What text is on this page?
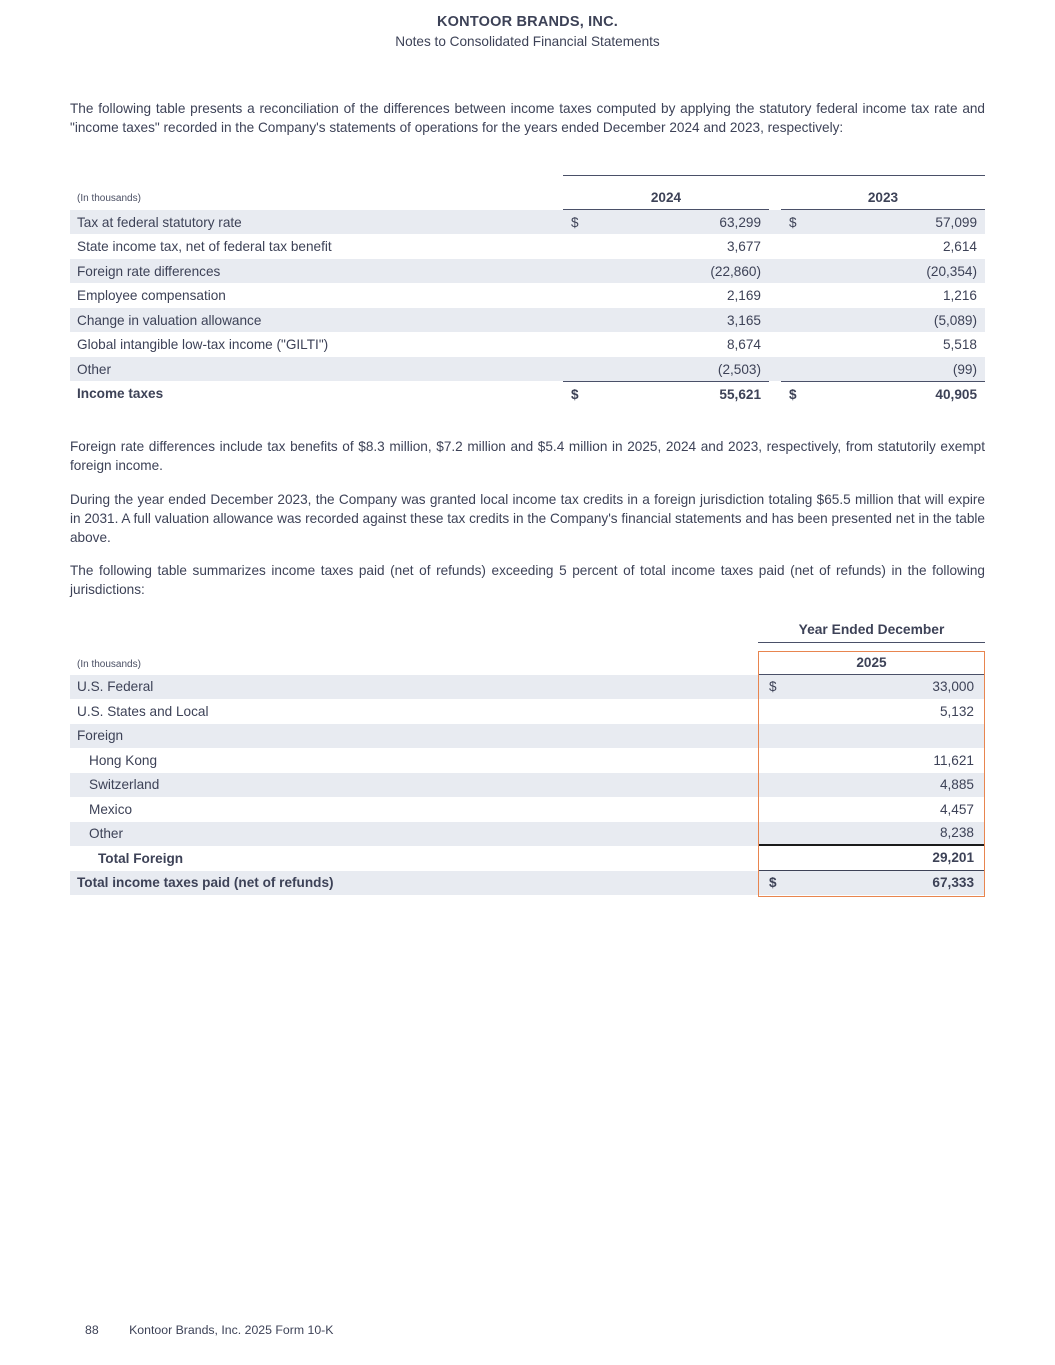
KONTOOR BRANDS, INC.
Notes to Consolidated Financial Statements

The following table presents a reconciliation of the differences between income taxes computed by applying the statutory federal income tax rate and "income taxes" recorded in the Company's statements of operations for the years ended December 2024 and 2023, respectively:

(In thousands)	2024	2023
Tax at federal statutory rate	$	63,299 $	57,099
State income tax, net of federal tax benefit	3,677	2,614
Foreign rate differences	(22,860)	(20,354)
Employee compensation	2,169	1,216
Change in valuation allowance	3,165	(5,089)
Global intangible low-tax income ("GILTI")	8,674	5,518
Other	(2,503)	(99)
Income taxes	$	55,621 $	40,905

Foreign rate differences include tax benefits of $8.3 million, $7.2 million and $5.4 million in 2025, 2024 and 2023, respectively, from statutorily exempt foreign income.

During the year ended December 2023, the Company was granted local income tax credits in a foreign jurisdiction totaling $65.5 million that will expire in 2031. A full valuation allowance was recorded against these tax credits in the Company's financial statements and has been presented net in the table above.

The following table summarizes income taxes paid (net of refunds) exceeding 5 percent of total income taxes paid (net of refunds) in the following jurisdictions:

Year Ended December
(In thousands)	2025
U.S. Federal	$	33,000
U.S. States and Local	5,132
Foreign
Hong Kong	11,621
Switzerland	4,885
Mexico	4,457
Other	8,238
Total Foreign	29,201
Total income taxes paid (net of refunds)	$	67,333
88 Kontoor Brands, Inc. 2025 Form 10-K
